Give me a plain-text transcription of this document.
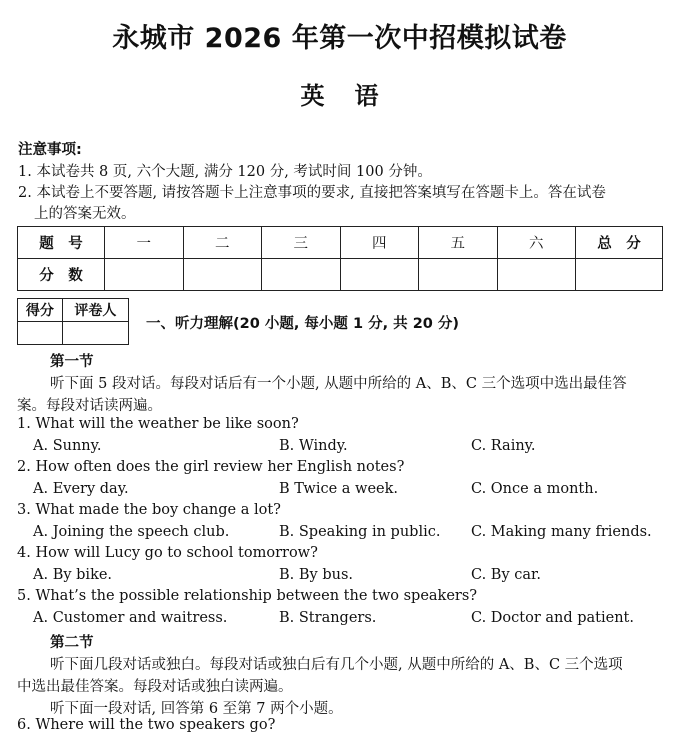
永城市 2026 年第一次中招模拟试卷
英语
注意事项:
1. 本试卷共 8 页, 六个大题, 满分 120 分, 考试时间 100 分钟。
2. 本试卷上不要答题, 请按答题卡上注意事项的要求, 直接把答案填写在答题卡上。答在试卷
上的答案无效。
题　号	一	二	三	四	五	六	总　分
分　数							
得分	评卷人

一、听力理解(20 小题, 每小题 1 分, 共 20 分)
第一节
听下面 5 段对话。每段对话后有一个小题, 从题中所给的 A、B、C 三个选项中选出最佳答
案。每段对话读两遍。
1. What will the weather be like soon?
A. Sunny.	B. Windy.	C. Rainy.
2. How often does the girl review her English notes?
A. Every day.	B Twice a week.	C. Once a month.
3. What made the boy change a lot?
A. Joining the speech club.	B. Speaking in public. C. Making many friends.
4. How will Lucy go to school tomorrow?
A. By bike.	B. By bus.	C. By car.
5. What’s the possible relationship between the two speakers?
A. Customer and waitress.	B. Strangers.	C. Doctor and patient.
第二节
听下面几段对话或独白。每段对话或独白后有几个小题, 从题中所给的 A、B、C 三个选项
中选出最佳答案。每段对话或独白读两遍。
听下面一段对话, 回答第 6 至第 7 两个小题。
6. Where will the two speakers go?
